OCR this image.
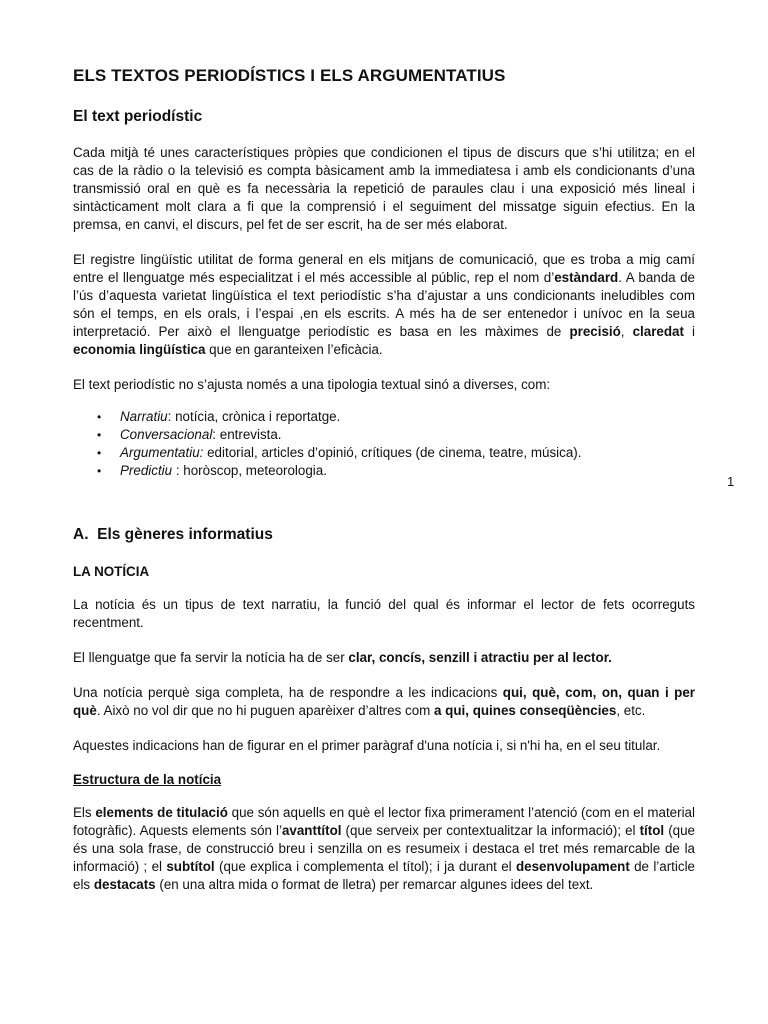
ELS TEXTOS PERIODÍSTICS I ELS ARGUMENTATIUS
El text periodístic

Cada mitjà té unes característiques pròpies que condicionen el tipus de discurs que s’hi utilitza; en el cas de la ràdio o la televisió es compta bàsicament amb la immediatesa i amb els condicionants d’una transmissió oral en què es fa necessària la repetició de paraules clau i una exposició més lineal i sintàcticament molt clara a fi que la comprensió i el seguiment del missatge siguin efectius. En la premsa, en canvi, el discurs, pel fet de ser escrit, ha de ser més elaborat.

El registre lingüístic utilitat de forma general en els mitjans de comunicació, que es troba a mig camí entre el llenguatge més especialitzat i el més accessible al públic, rep el nom d’estàndard. A banda de l’ús d’aquesta varietat lingüística el text periodístic s’ha d’ajustar a uns condicionants ineludibles com són el temps, en els orals, i l’espai ,en els escrits. A més ha de ser entenedor i unívoc en la seua interpretació. Per això el llenguatge periodístic es basa en les màximes de precisió, claredat i economia lingüística que en garanteixen l’eficàcia.

El text periodístic no s’ajusta només a una tipologia textual sinó a diverses, com:

• Narratiu: notícia, crònica i reportatge.
• Conversacional: entrevista.
• Argumentatiu: editorial, articles d’opinió, crítiques (de cinema, teatre, música).
• Predictiu : horòscop, meteorologia.
1
A.  Els gèneres informatius
LA NOTÍCIA

La notícia és un tipus de text narratiu, la funció del qual és informar el lector de fets ocorreguts recentment.

El llenguatge que fa servir la notícia ha de ser clar, concís, senzill i atractiu per al lector.

Una notícia perquè siga completa, ha de respondre a les indicacions qui, què, com, on, quan i per què. Això no vol dir que no hi puguen aparèixer d’altres com a qui, quines conseqüències, etc.

Aquestes indicacions han de figurar en el primer paràgraf d'una notícia i, si n'hi ha, en el seu titular.

Estructura de la notícia

Els elements de titulació que són aquells en què el lector fixa primerament l’atenció (com en el material fotogràfic). Aquests elements són l’avanttítol (que serveix per contextualitzar la informació); el títol (que és una sola frase, de construcció breu i senzilla on es resumeix i destaca el tret més remarcable de la informació) ; el subtítol (que explica i complementa el títol); i ja durant el desenvolupament de l’article els destacats (en una altra mida o format de lletra) per remarcar algunes idees del text.
